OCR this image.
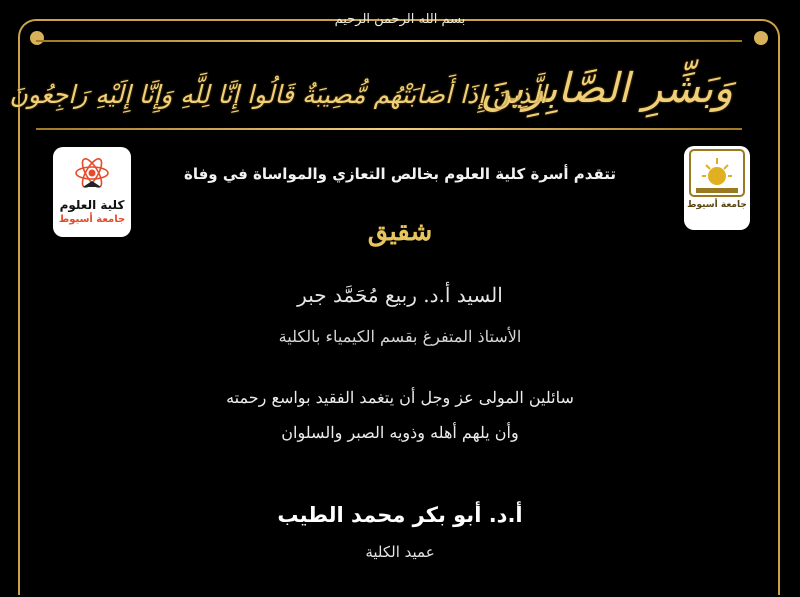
بسم الله الرحمن الرحيم
وَبَشِّرِ الصَّابِرِينَ
الَّذِينَ إِذَا أَصَابَتْهُم مُّصِيبَةٌ قَالُوا إِنَّا لِلَّهِ وَإِنَّا إِلَيْهِ رَاجِعُونَ
كلية العلوم
جامعة أسيوط
جامعة أسيوط
تتقدم أسرة كلية العلوم بخالص التعازي والمواساة في وفاة
شقيق
السيد أ.د. ربيع مُحَمَّد جبر
الأستاذ المتفرغ بقسم الكيمياء بالكلية
سائلين المولى عز وجل أن يتغمد الفقيد بواسع رحمته
وأن يلهم أهله وذويه الصبر والسلوان
أ.د. أبو بكر محمد الطيب
عميد الكلية
